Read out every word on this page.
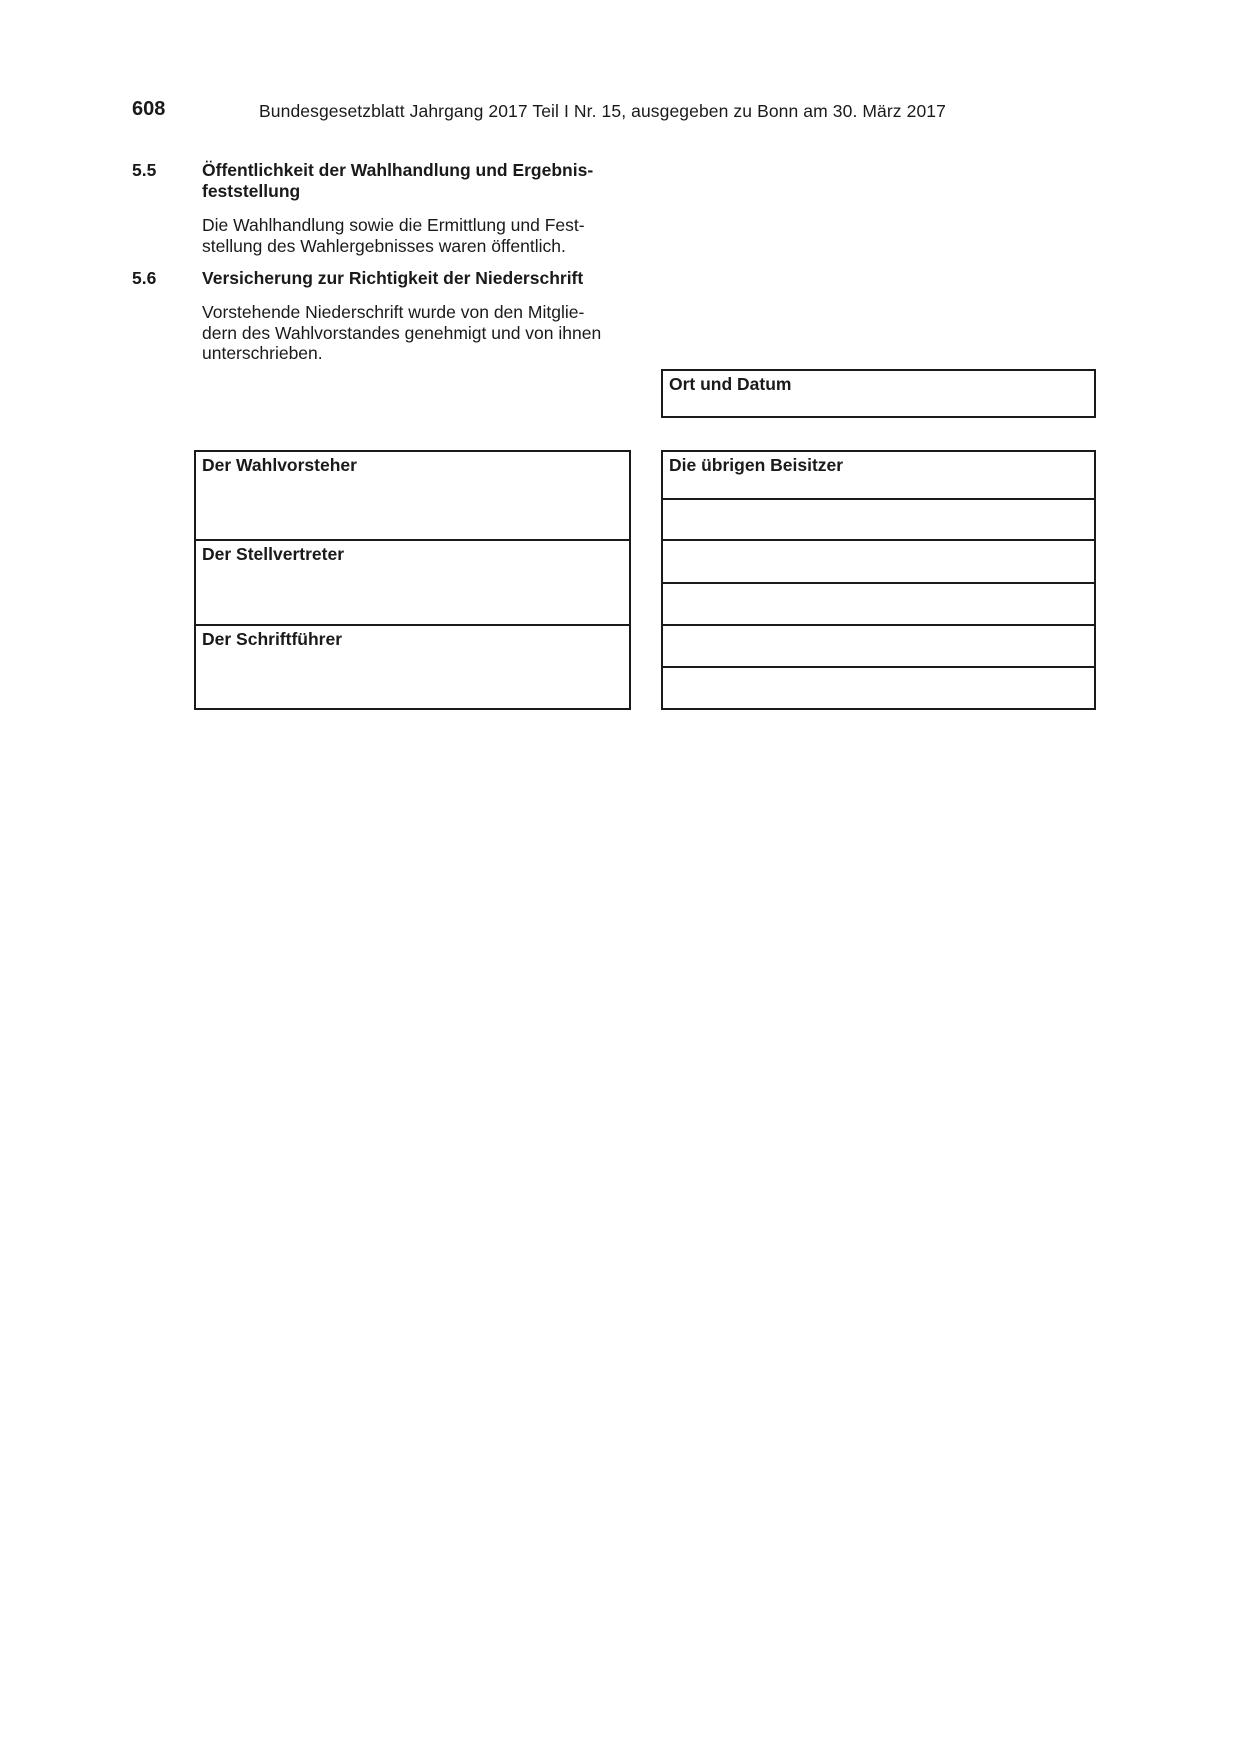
608	Bundesgesetzblatt Jahrgang 2017 Teil I Nr. 15, ausgegeben zu Bonn am 30. März 2017
5.5	Öffentlichkeit der Wahlhandlung und Ergebnis-
feststellung
Die Wahlhandlung sowie die Ermittlung und Fest-
stellung des Wahlergebnisses waren öffentlich.
5.6	Versicherung zur Richtigkeit der Niederschrift
Vorstehende Niederschrift wurde von den Mitglie-
dern des Wahlvorstandes genehmigt und von ihnen
unterschrieben.
Ort und Datum
Der Wahlvorsteher
Der Stellvertreter
Der Schriftführer
Die übrigen Beisitzer
